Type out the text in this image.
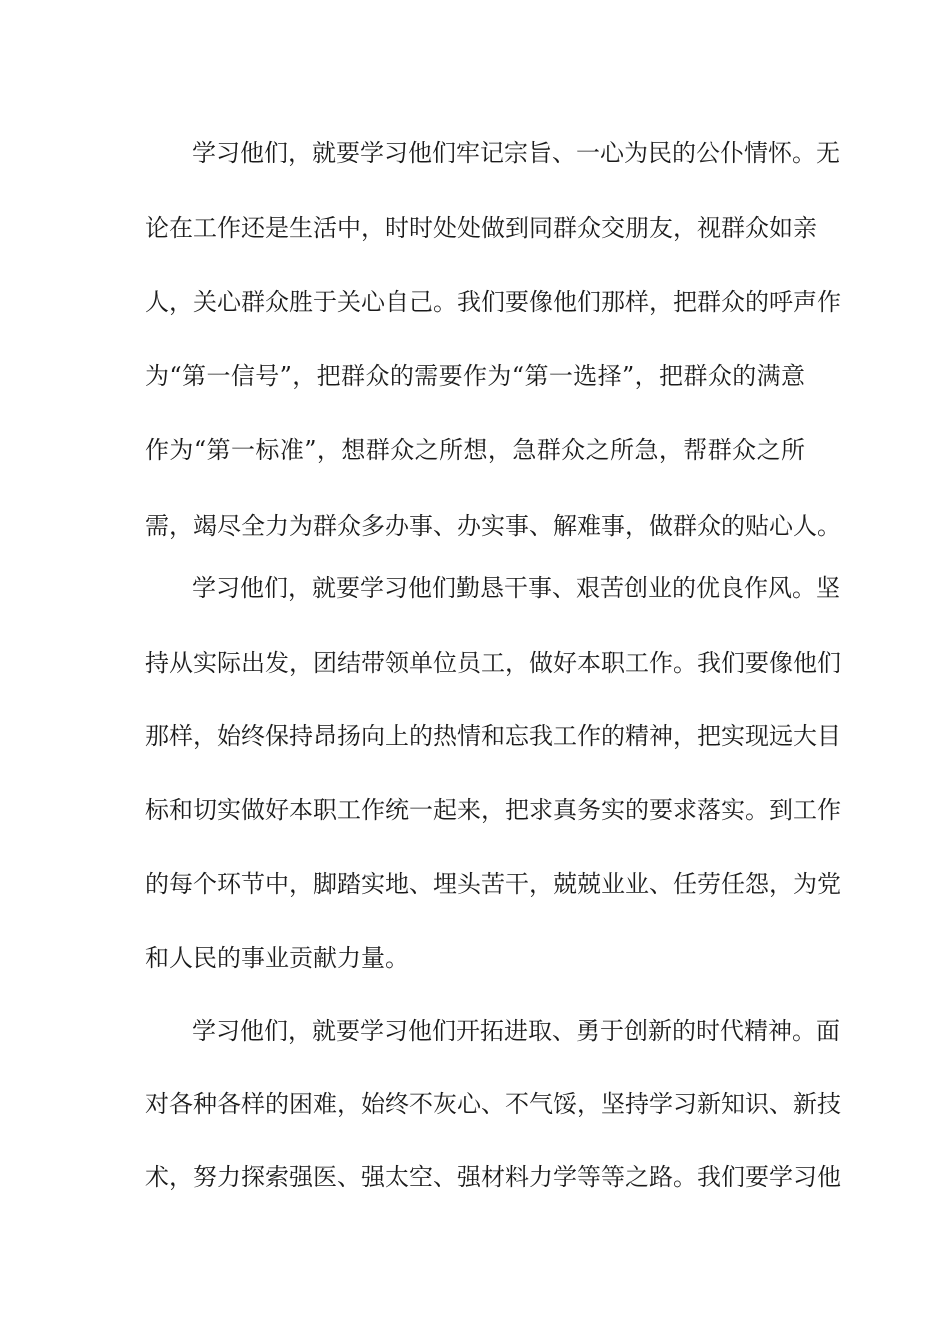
学习他们，就要学习他们牢记宗旨、一心为民的公仆情怀。无
论在工作还是生活中，时时处处做到同群众交朋友，视群众如亲
人，关心群众胜于关心自己。我们要像他们那样，把群众的呼声作
为“第一信号”，把群众的需要作为“第一选择”，把群众的满意
作为“第一标准”，想群众之所想，急群众之所急，帮群众之所
需，竭尽全力为群众多办事、办实事、解难事，做群众的贴心人。
学习他们，就要学习他们勤恳干事、艰苦创业的优良作风。坚
持从实际出发，团结带领单位员工，做好本职工作。我们要像他们
那样，始终保持昂扬向上的热情和忘我工作的精神，把实现远大目
标和切实做好本职工作统一起来，把求真务实的要求落实。到工作
的每个环节中，脚踏实地、埋头苦干，兢兢业业、任劳任怨，为党
和人民的事业贡献力量。
学习他们，就要学习他们开拓进取、勇于创新的时代精神。面
对各种各样的困难，始终不灰心、不气馁，坚持学习新知识、新技
术，努力探索强医、强太空、强材料力学等等之路。我们要学习他
